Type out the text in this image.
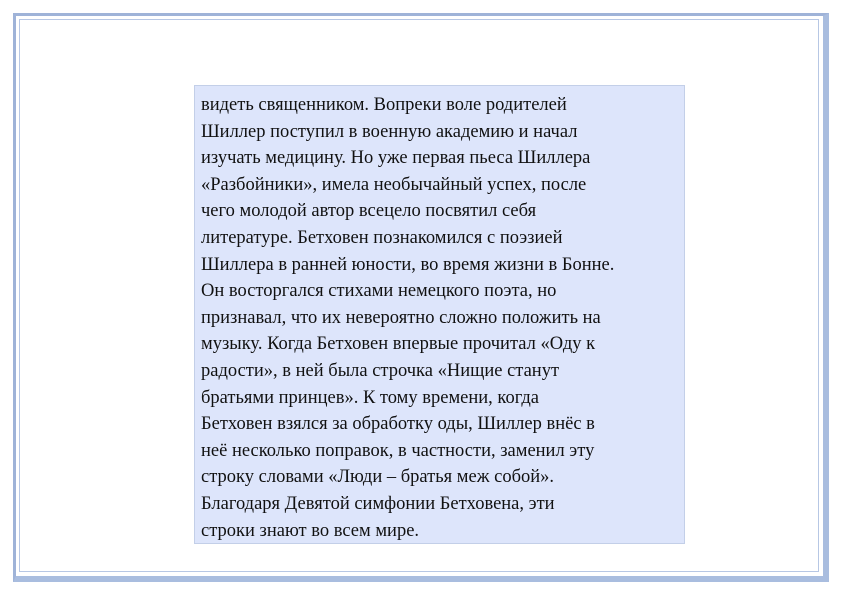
видеть священником. Вопреки воле родителей
Шиллер поступил в военную академию и начал
изучать медицину. Но уже первая пьеса Шиллера
«Разбойники», имела необычайный успех, после
чего молодой автор всецело посвятил себя
литературе. Бетховен познакомился с поэзией
Шиллера в ранней юности, во время жизни в Бонне.
Он восторгался стихами немецкого поэта, но
признавал, что их невероятно сложно положить на
музыку. Когда Бетховен впервые прочитал «Оду к
радости», в ней была строчка «Нищие станут
братьями принцев». К тому времени, когда
Бетховен взялся за обработку оды, Шиллер внёс в
неё несколько поправок, в частности, заменил эту
строку словами «Люди – братья меж собой».
Благодаря Девятой симфонии Бетховена, эти
строки знают во всем мире.
